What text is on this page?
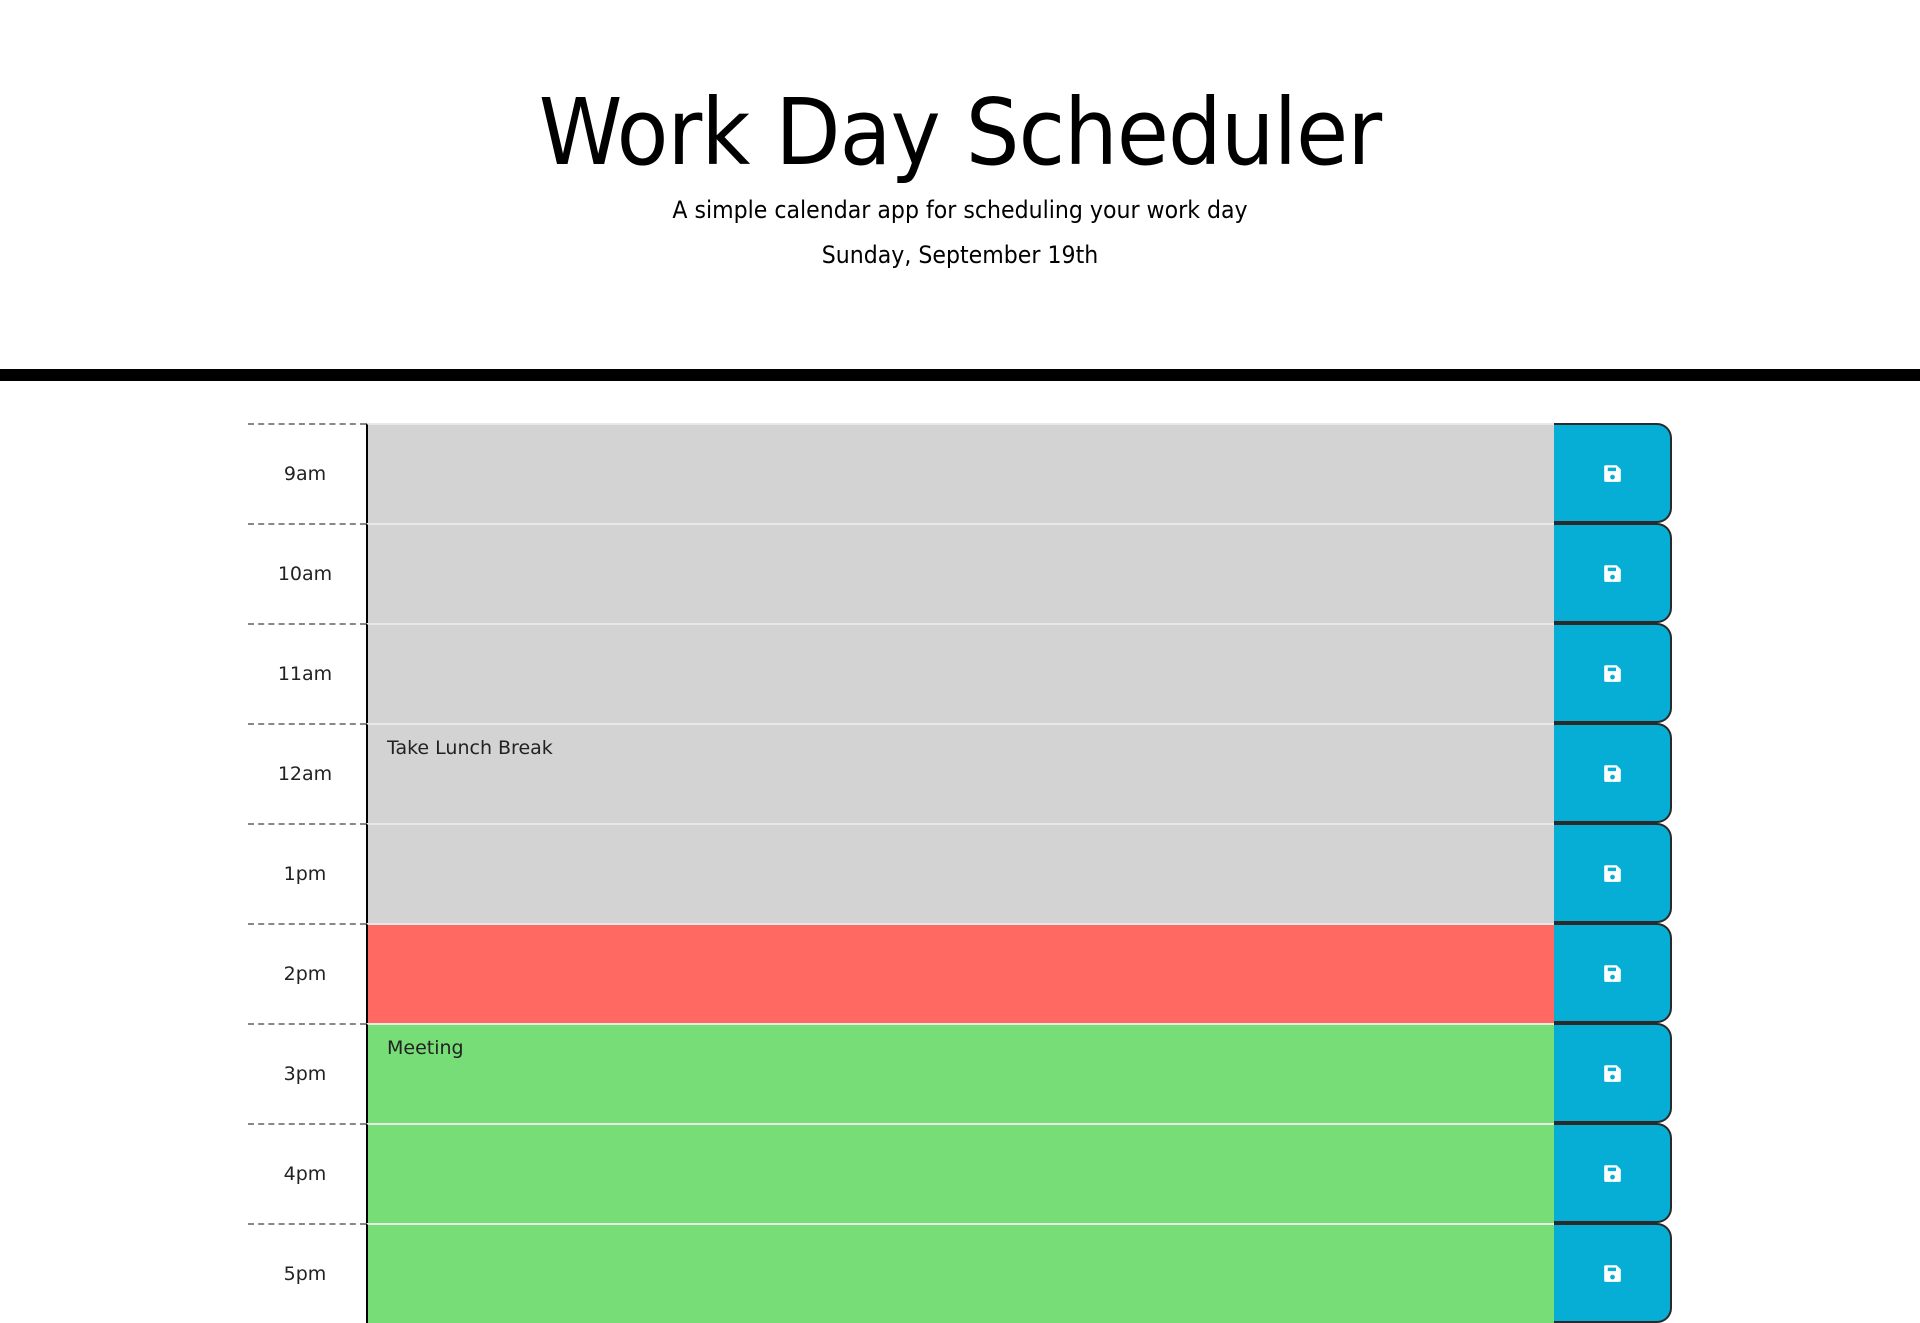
Work Day Scheduler

A simple calendar app for scheduling your work day

Sunday, September 19th

9am
10am
11am
12am
Take Lunch Break
1pm
2pm
3pm
Meeting
4pm
5pm
